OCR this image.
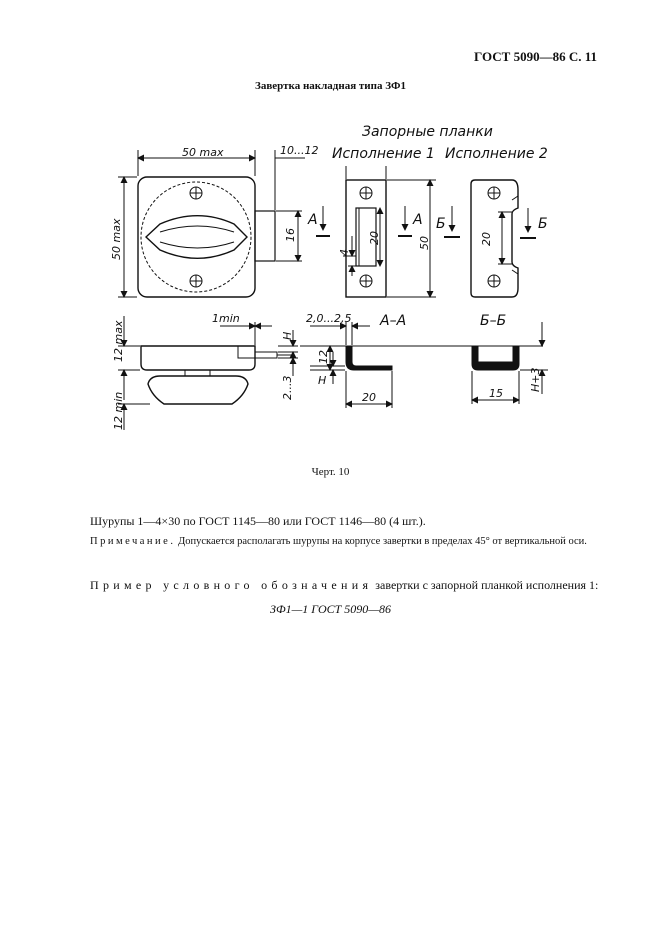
ГОСТ 5090—86 С. 11
Завертка накладная типа ЗФ1
50 max	10...12
50 max	16
А
4
20
А
50
Б
20
Б
Запорные планки
Исполнение 1 Исполнение 2
12 max
12 min
1min
Н
2...3
2,0...2,5 А–А
12
Н
20
Б–Б
15
Н+3
Черт. 10
Шурупы 1—4×30 по ГОСТ 1145—80 или ГОСТ 1146—80 (4 шт.).
Примечание. Допускается располагать шурупы на корпусе завертки в пределах 45° от вертикальной оси.
Пример условного обозначения завертки с запорной планкой исполнения 1:
ЗФ1—1 ГОСТ 5090—86
